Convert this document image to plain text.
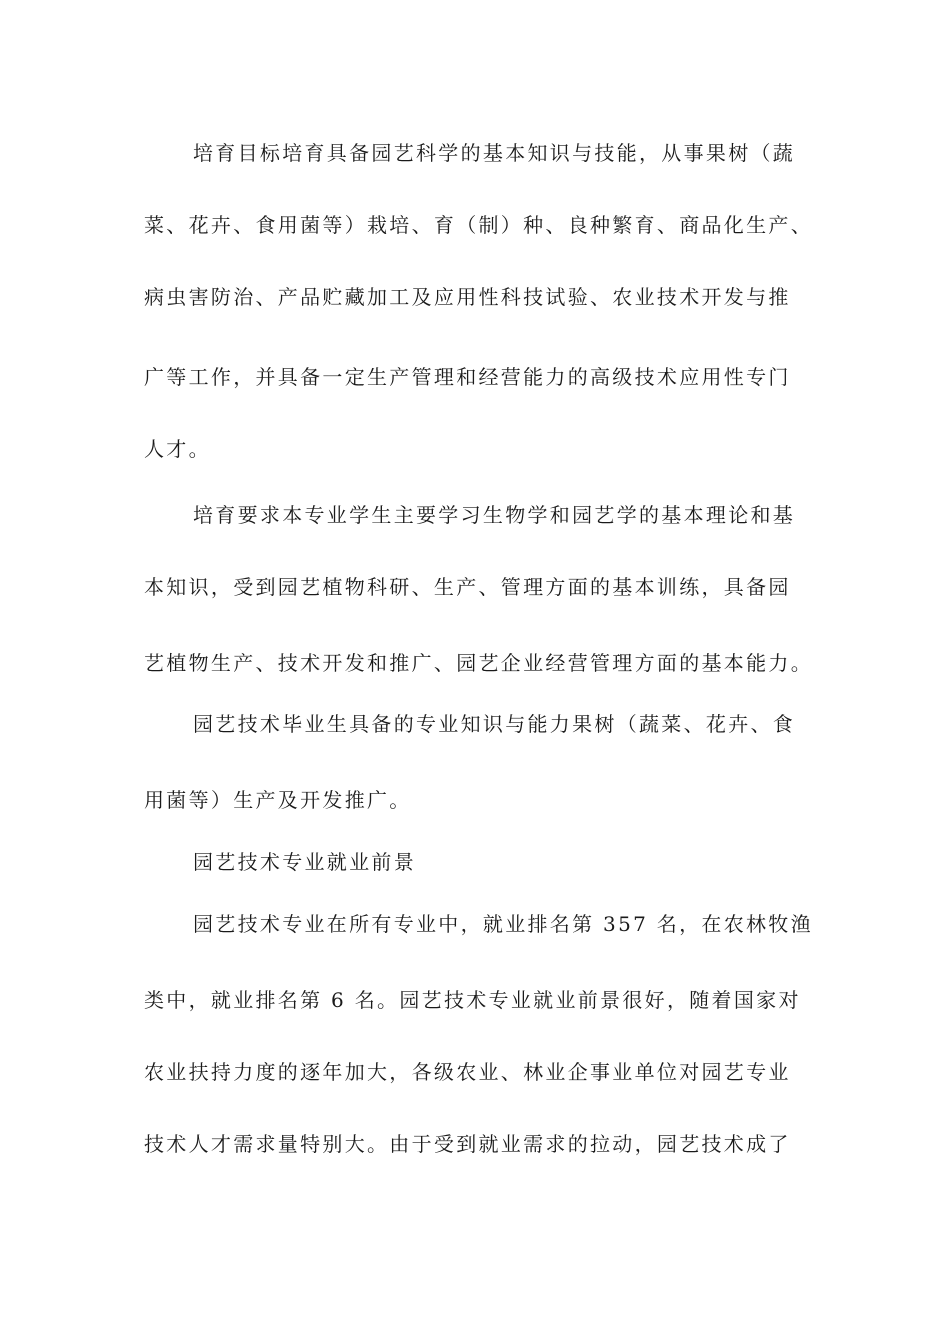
培育目标培育具备园艺科学的基本知识与技能，从事果树（蔬
菜、花卉、食用菌等）栽培、育（制）种、良种繁育、商品化生产、
病虫害防治、产品贮藏加工及应用性科技试验、农业技术开发与推
广等工作，并具备一定生产管理和经营能力的高级技术应用性专门
人才。
培育要求本专业学生主要学习生物学和园艺学的基本理论和基
本知识，受到园艺植物科研、生产、管理方面的基本训练，具备园
艺植物生产、技术开发和推广、园艺企业经营管理方面的基本能力。
园艺技术毕业生具备的专业知识与能力果树（蔬菜、花卉、食
用菌等）生产及开发推广。
园艺技术专业就业前景
园艺技术专业在所有专业中，就业排名第 357 名，在农林牧渔
类中，就业排名第 6 名。园艺技术专业就业前景很好，随着国家对
农业扶持力度的逐年加大，各级农业、林业企事业单位对园艺专业
技术人才需求量特别大。由于受到就业需求的拉动，园艺技术成了
